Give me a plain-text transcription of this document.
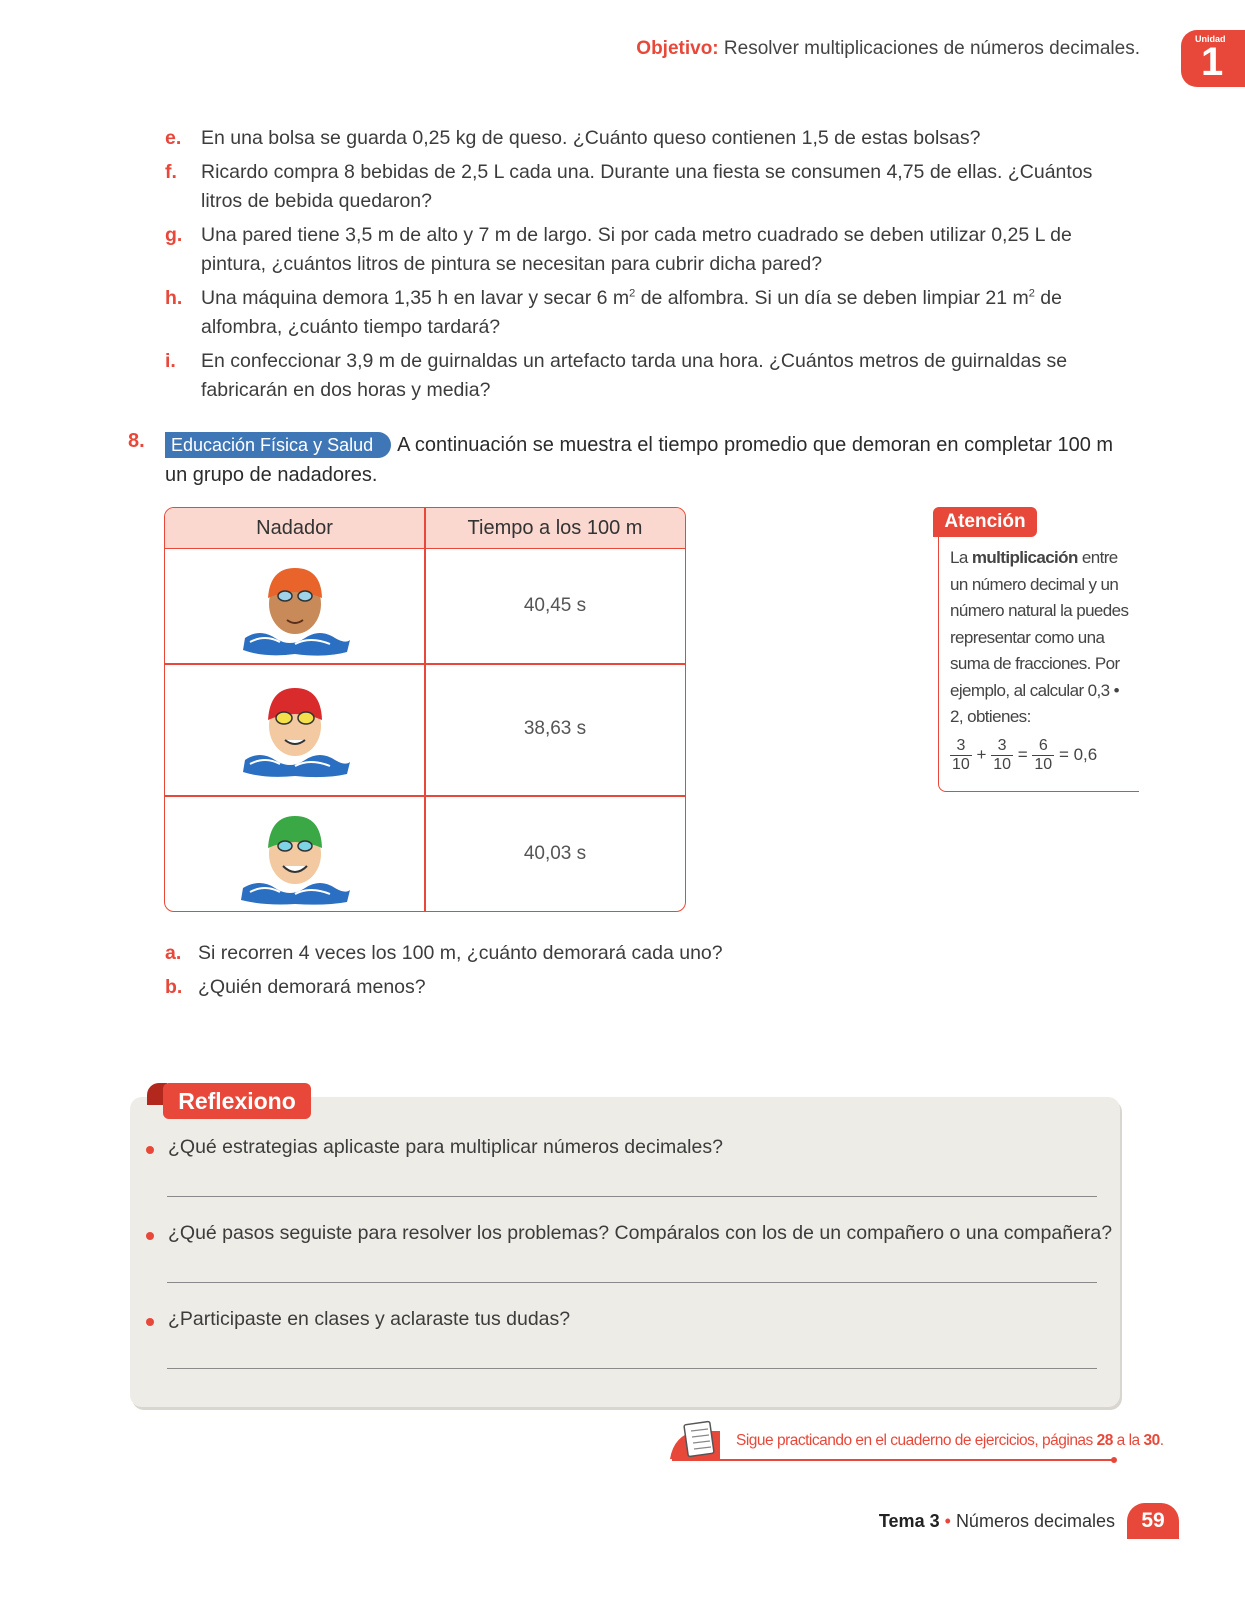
Objetivo: Resolver multiplicaciones de números decimales.	Unidad
1
e. En una bolsa se guarda 0,25 kg de queso. ¿Cuánto queso contienen 1,5 de estas bolsas?
f. Ricardo compra 8 bebidas de 2,5 L cada una. Durante una fiesta se consumen 4,75 de ellas. ¿Cuántos litros de bebida quedaron?
g. Una pared tiene 3,5 m de alto y 7 m de largo. Si por cada metro cuadrado se deben utilizar 0,25 L de pintura, ¿cuántos litros de pintura se necesitan para cubrir dicha pared?
h. Una máquina demora 1,35 h en lavar y secar 6 $m^2$ de alfombra. Si un día se deben limpiar 21 $m^2$ de alfombra, ¿cuánto tiempo tardará?
i. En confeccionar 3,9 m de guirnaldas un artefacto tarda una hora. ¿Cuántos metros de guirnaldas se fabricarán en dos horas y media?
8.	Educación Física y Salud A continuación se muestra el tiempo promedio que demoran en completar 100 m un grupo de nadadores.
Nadador	Tiempo a los 100 m
40,45 s
38,63 s
40,03 s
Atención
La multiplicación entre un número decimal y un número natural la puedes representar como una suma de fracciones. Por ejemplo, al calcular 0,3 • 2, obtienes:
$\frac{3}{10} + \frac{3}{10} = \frac{6}{10} = 0,6$
a. Si recorren 4 veces los 100 m, ¿cuánto demorará cada uno?
b. ¿Quién demorará menos?
Reflexiono
¿Qué estrategias aplicaste para multiplicar números decimales?
¿Qué pasos seguiste para resolver los problemas? Compáralos con los de un compañero o una compañera?
¿Participaste en clases y aclaraste tus dudas?
Sigue practicando en el cuaderno de ejercicios, páginas 28 a la 30.
Tema 3 • Números decimales	59
